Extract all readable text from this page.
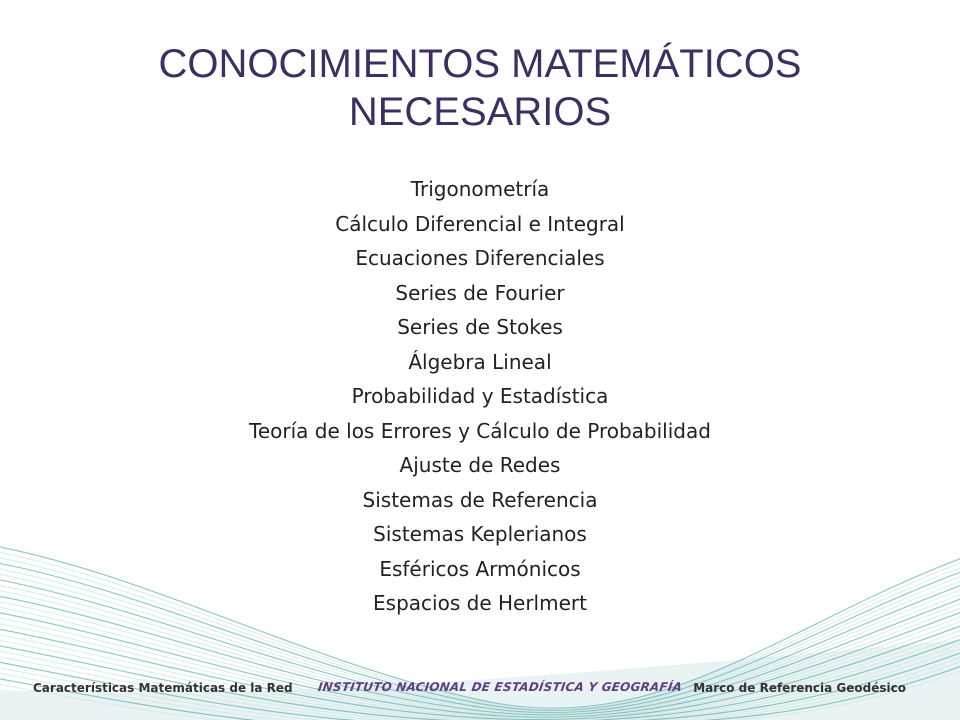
CONOCIMIENTOS MATEMÁTICOS NECESARIOS
Trigonometría
Cálculo Diferencial e Integral
Ecuaciones Diferenciales
Series de Fourier
Series de Stokes
Álgebra Lineal
Probabilidad y Estadística
Teoría de los Errores y Cálculo de Probabilidad
Ajuste de Redes
Sistemas de Referencia
Sistemas Keplerianos
Esféricos Armónicos
Espacios de Herlmert
Características Matemáticas de la Red INSTITUTO NACIONAL DE ESTADÍSTICA Y GEOGRAFÍA Marco de Referencia Geodésico
